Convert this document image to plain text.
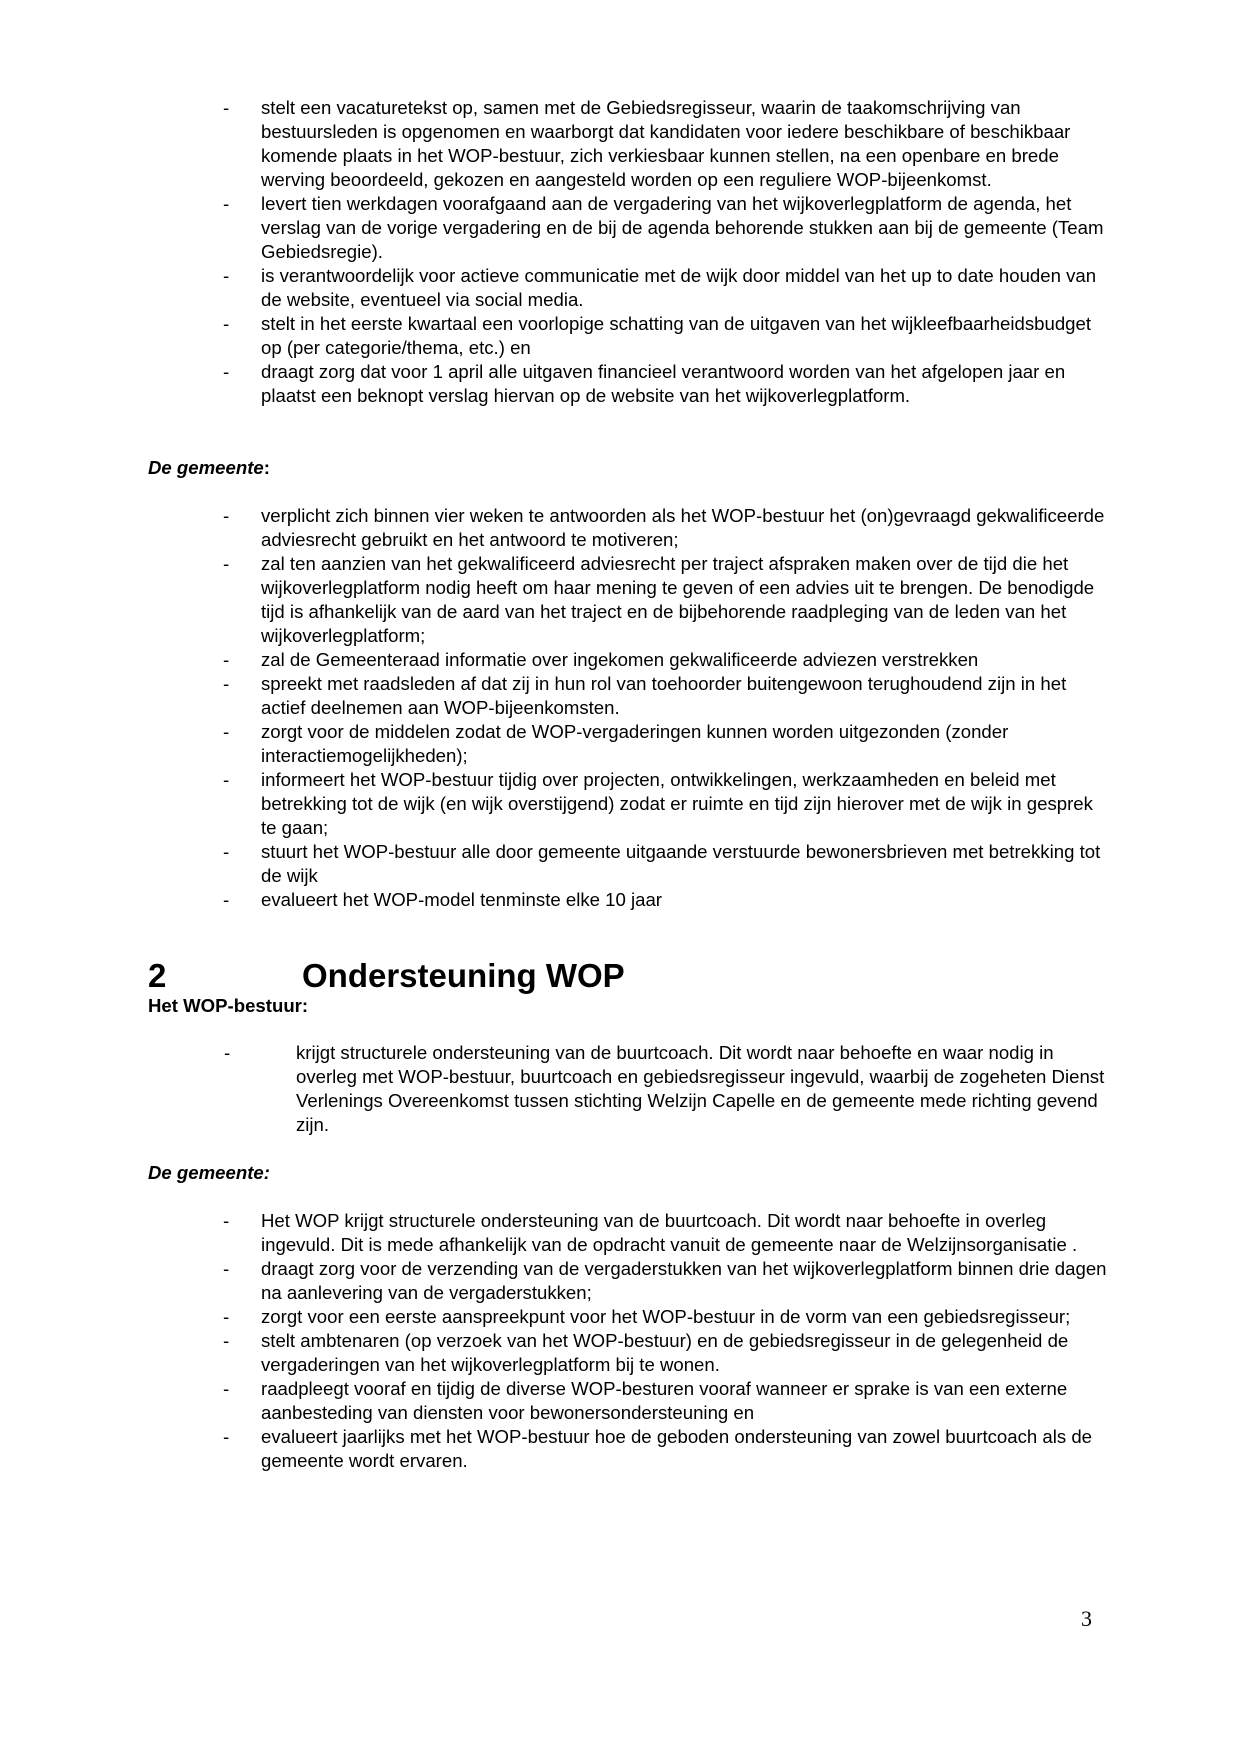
- stelt een vacaturetekst op, samen met de Gebiedsregisseur, waarin de taakomschrijving van bestuursleden is opgenomen en waarborgt dat kandidaten voor iedere beschikbare of beschikbaar komende plaats in het WOP-bestuur, zich verkiesbaar kunnen stellen, na een openbare en brede werving beoordeeld, gekozen en aangesteld worden op een reguliere WOP-bijeenkomst.
- levert tien werkdagen voorafgaand aan de vergadering van het wijkoverlegplatform de agenda, het verslag van de vorige vergadering en de bij de agenda behorende stukken aan bij de gemeente (Team Gebiedsregie).
- is verantwoordelijk voor actieve communicatie met de wijk door middel van het up to date houden van de website, eventueel via social media.
- stelt in het eerste kwartaal een voorlopige schatting van de uitgaven van het wijkleefbaarheidsbudget op (per categorie/thema, etc.) en
- draagt zorg dat voor 1 april alle uitgaven financieel verantwoord worden van het afgelopen jaar en plaatst een beknopt verslag hiervan op de website van het wijkoverlegplatform.

De gemeente:

- verplicht zich binnen vier weken te antwoorden als het WOP-bestuur het (on)gevraagd gekwalificeerde adviesrecht gebruikt en het antwoord te motiveren;
- zal ten aanzien van het gekwalificeerd adviesrecht per traject afspraken maken over de tijd die het wijkoverlegplatform nodig heeft om haar mening te geven of een advies uit te brengen. De benodigde tijd is afhankelijk van de aard van het traject en de bijbehorende raadpleging van de leden van het wijkoverlegplatform;
- zal de Gemeenteraad informatie over ingekomen gekwalificeerde adviezen verstrekken
- spreekt met raadsleden af dat zij in hun rol van toehoorder buitengewoon terughoudend zijn in het actief deelnemen aan WOP-bijeenkomsten.
- zorgt voor de middelen zodat de WOP-vergaderingen kunnen worden uitgezonden (zonder interactiemogelijkheden);
- informeert het WOP-bestuur tijdig over projecten, ontwikkelingen, werkzaamheden en beleid met betrekking tot de wijk (en wijk overstijgend) zodat er ruimte en tijd zijn hierover met de wijk in gesprek te gaan;
- stuurt het WOP-bestuur alle door gemeente uitgaande verstuurde bewonersbrieven met betrekking tot de wijk
- evalueert het WOP-model tenminste elke 10 jaar
2	Ondersteuning WOP

Het WOP-bestuur:

-	krijgt structurele ondersteuning van de buurtcoach. Dit wordt naar behoefte en waar nodig in overleg met WOP-bestuur, buurtcoach en gebiedsregisseur ingevuld, waarbij de zogeheten Dienst Verlenings Overeenkomst tussen stichting Welzijn Capelle en de gemeente mede richting gevend zijn.

De gemeente:

- Het WOP krijgt structurele ondersteuning van de buurtcoach. Dit wordt naar behoefte in overleg ingevuld. Dit is mede afhankelijk van de opdracht vanuit de gemeente naar de Welzijnsorganisatie .
- draagt zorg voor de verzending van de vergaderstukken van het wijkoverlegplatform binnen drie dagen na aanlevering van de vergaderstukken;
- zorgt voor een eerste aanspreekpunt voor het WOP-bestuur in de vorm van een gebiedsregisseur;
- stelt ambtenaren (op verzoek van het WOP-bestuur) en de gebiedsregisseur in de gelegenheid de vergaderingen van het wijkoverlegplatform bij te wonen.
- raadpleegt vooraf en tijdig de diverse WOP-besturen vooraf wanneer er sprake is van een externe aanbesteding van diensten voor bewonersondersteuning en
- evalueert jaarlijks met het WOP-bestuur hoe de geboden ondersteuning van zowel buurtcoach als de gemeente wordt ervaren.
3
